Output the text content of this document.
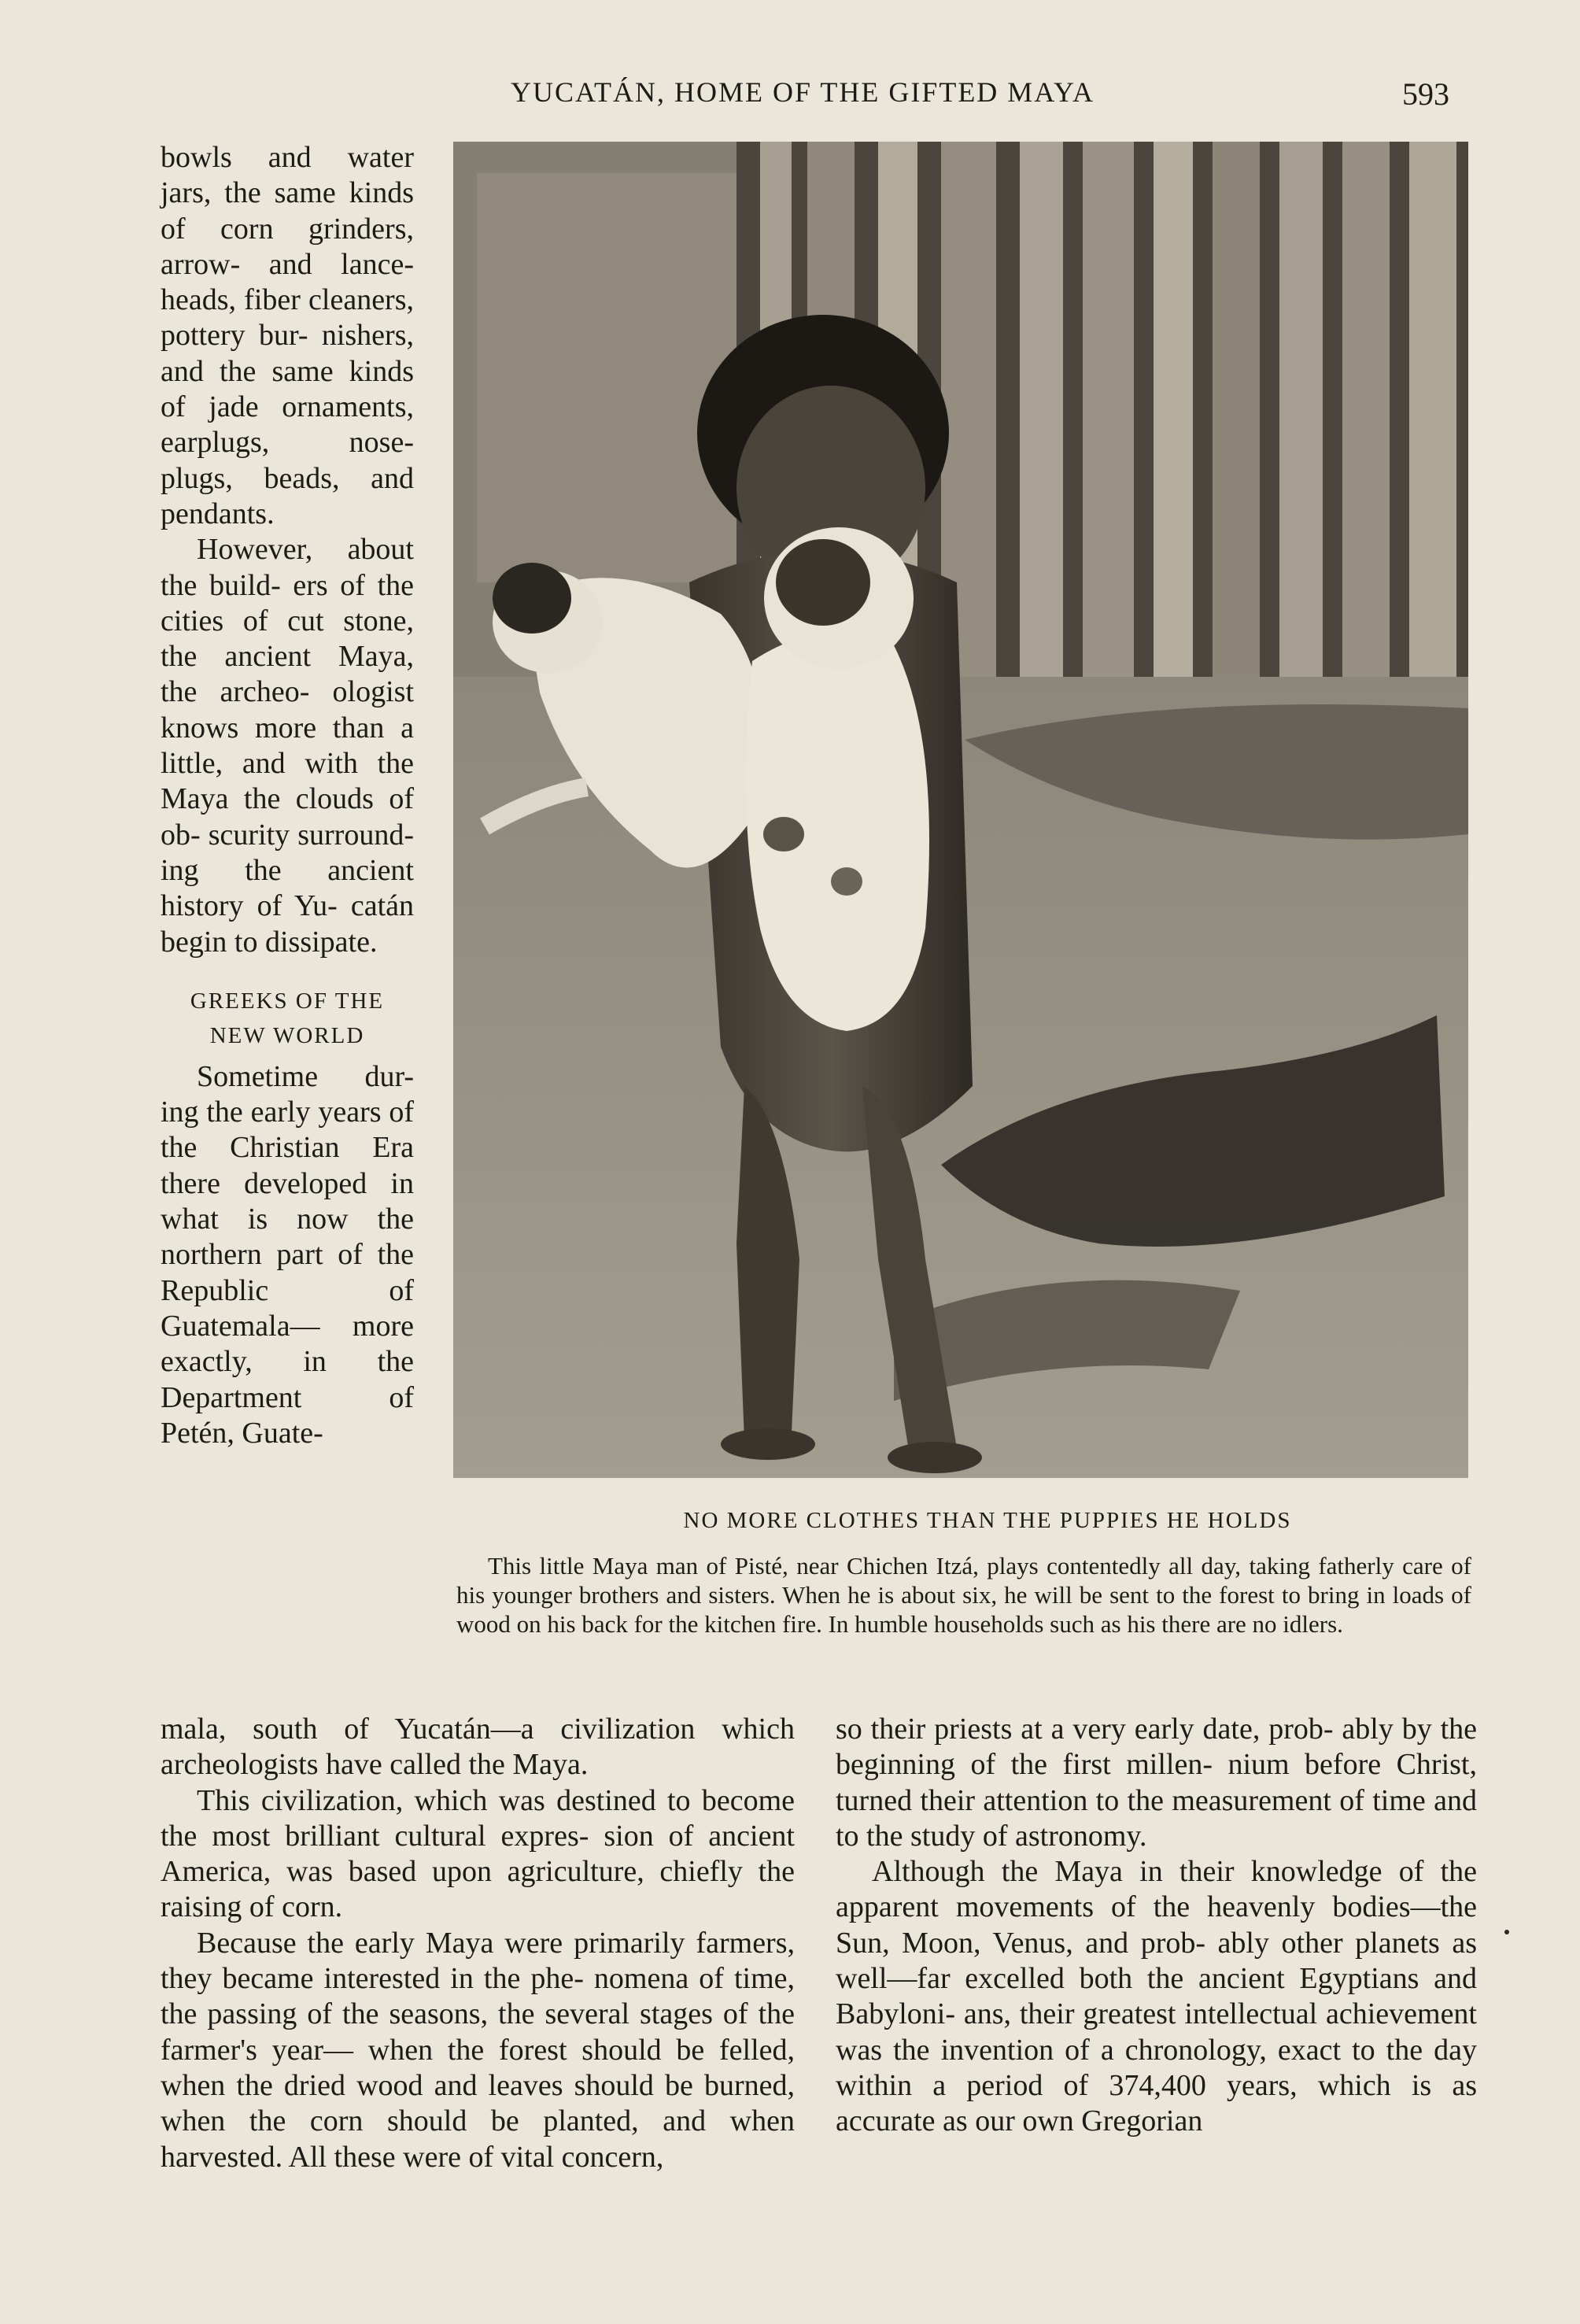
YUCATÁN, HOME OF THE GIFTED MAYA	593

bowls and water jars, the same kinds of corn grinders, arrow- and lance-heads, fiber cleaners, pottery bur- nishers, and the same kinds of jade ornaments, earplugs, nose- plugs, beads, and pendants.

However, about the build- ers of the cities of cut stone, the ancient Maya, the archeo- ologist knows more than a little, and with the Maya the clouds of ob- scurity surround- ing the ancient history of Yu- catán begin to dissipate.

GREEKS OF THE
NEW WORLD

Sometime dur- ing the early years of the Christian Era there developed in what is now the northern part of the Republic of Guatemala— more exactly, in the Department of Petén, Guate-

NO MORE CLOTHES THAN THE PUPPIES HE HOLDS
This little Maya man of Pisté, near Chichen Itzá, plays contentedly all day, taking fatherly care of his younger brothers and sisters. When he is about six, he will be sent to the forest to bring in loads of wood on his back for the kitchen fire. In humble households such as his there are no idlers.

mala, south of Yucatán—a civilization which archeologists have called the Maya.

This civilization, which was destined to become the most brilliant cultural expres- sion of ancient America, was based upon agriculture, chiefly the raising of corn.

Because the early Maya were primarily farmers, they became interested in the phe- nomena of time, the passing of the seasons, the several stages of the farmer's year— when the forest should be felled, when the dried wood and leaves should be burned, when the corn should be planted, and when harvested. All these were of vital concern,

so their priests at a very early date, prob- ably by the beginning of the first millen- nium before Christ, turned their attention to the measurement of time and to the study of astronomy.

Although the Maya in their knowledge of the apparent movements of the heavenly bodies—the Sun, Moon, Venus, and prob- ably other planets as well—far excelled both the ancient Egyptians and Babyloni- ans, their greatest intellectual achievement was the invention of a chronology, exact to the day within a period of 374,400 years, which is as accurate as our own Gregorian
